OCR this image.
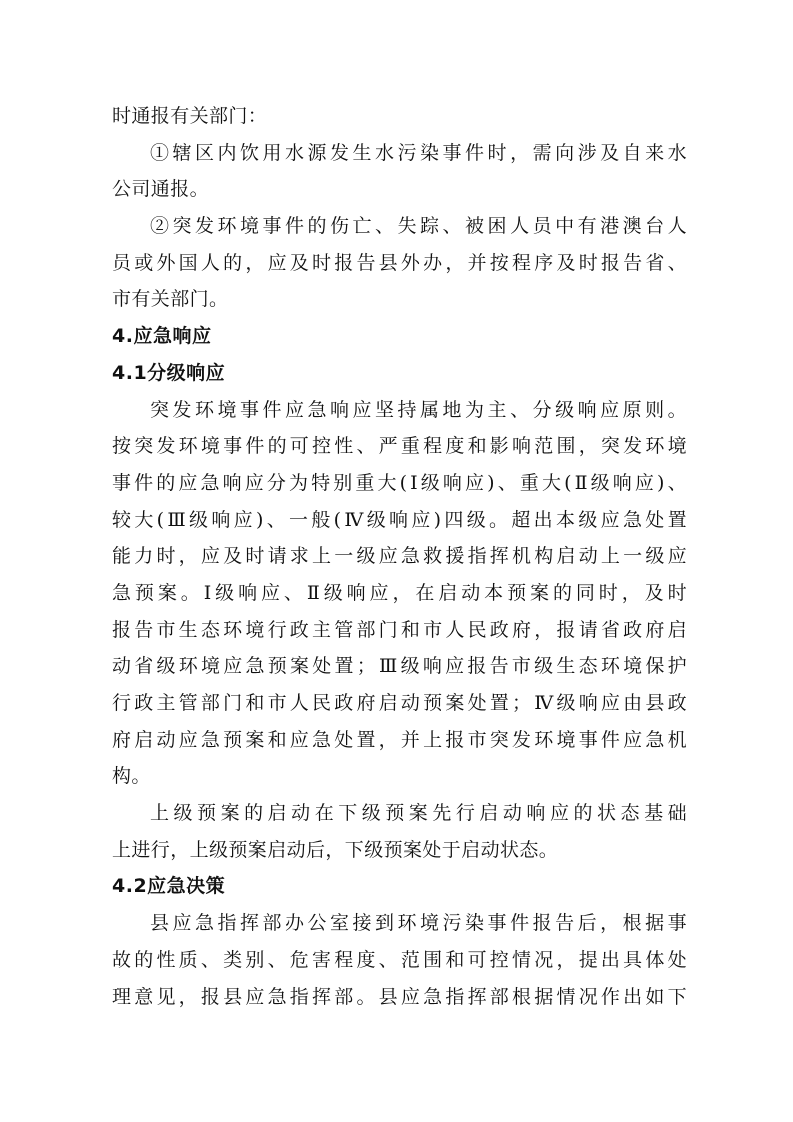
时通报有关部门：
①辖区内饮用水源发生水污染事件时，需向涉及自来水
公司通报。
②突发环境事件的伤亡、失踪、被困人员中有港澳台人
员或外国人的，应及时报告县外办，并按程序及时报告省、
市有关部门。
4.应急响应
4.1分级响应
突发环境事件应急响应坚持属地为主、分级响应原则。
按突发环境事件的可控性、严重程度和影响范围，突发环境
事件的应急响应分为特别重大(Ⅰ级响应)、重大(Ⅱ级响应)、
较大(Ⅲ级响应)、一般(Ⅳ级响应)四级。超出本级应急处置
能力时，应及时请求上一级应急救援指挥机构启动上一级应
急预案。Ⅰ级响应、Ⅱ级响应，在启动本预案的同时，及时
报告市生态环境行政主管部门和市人民政府，报请省政府启
动省级环境应急预案处置；Ⅲ级响应报告市级生态环境保护
行政主管部门和市人民政府启动预案处置；Ⅳ级响应由县政
府启动应急预案和应急处置，并上报市突发环境事件应急机
构。
上级预案的启动在下级预案先行启动响应的状态基础
上进行，上级预案启动后，下级预案处于启动状态。
4.2应急决策
县应急指挥部办公室接到环境污染事件报告后，根据事
故的性质、类别、危害程度、范围和可控情况，提出具体处
理意见，报县应急指挥部。县应急指挥部根据情况作出如下
